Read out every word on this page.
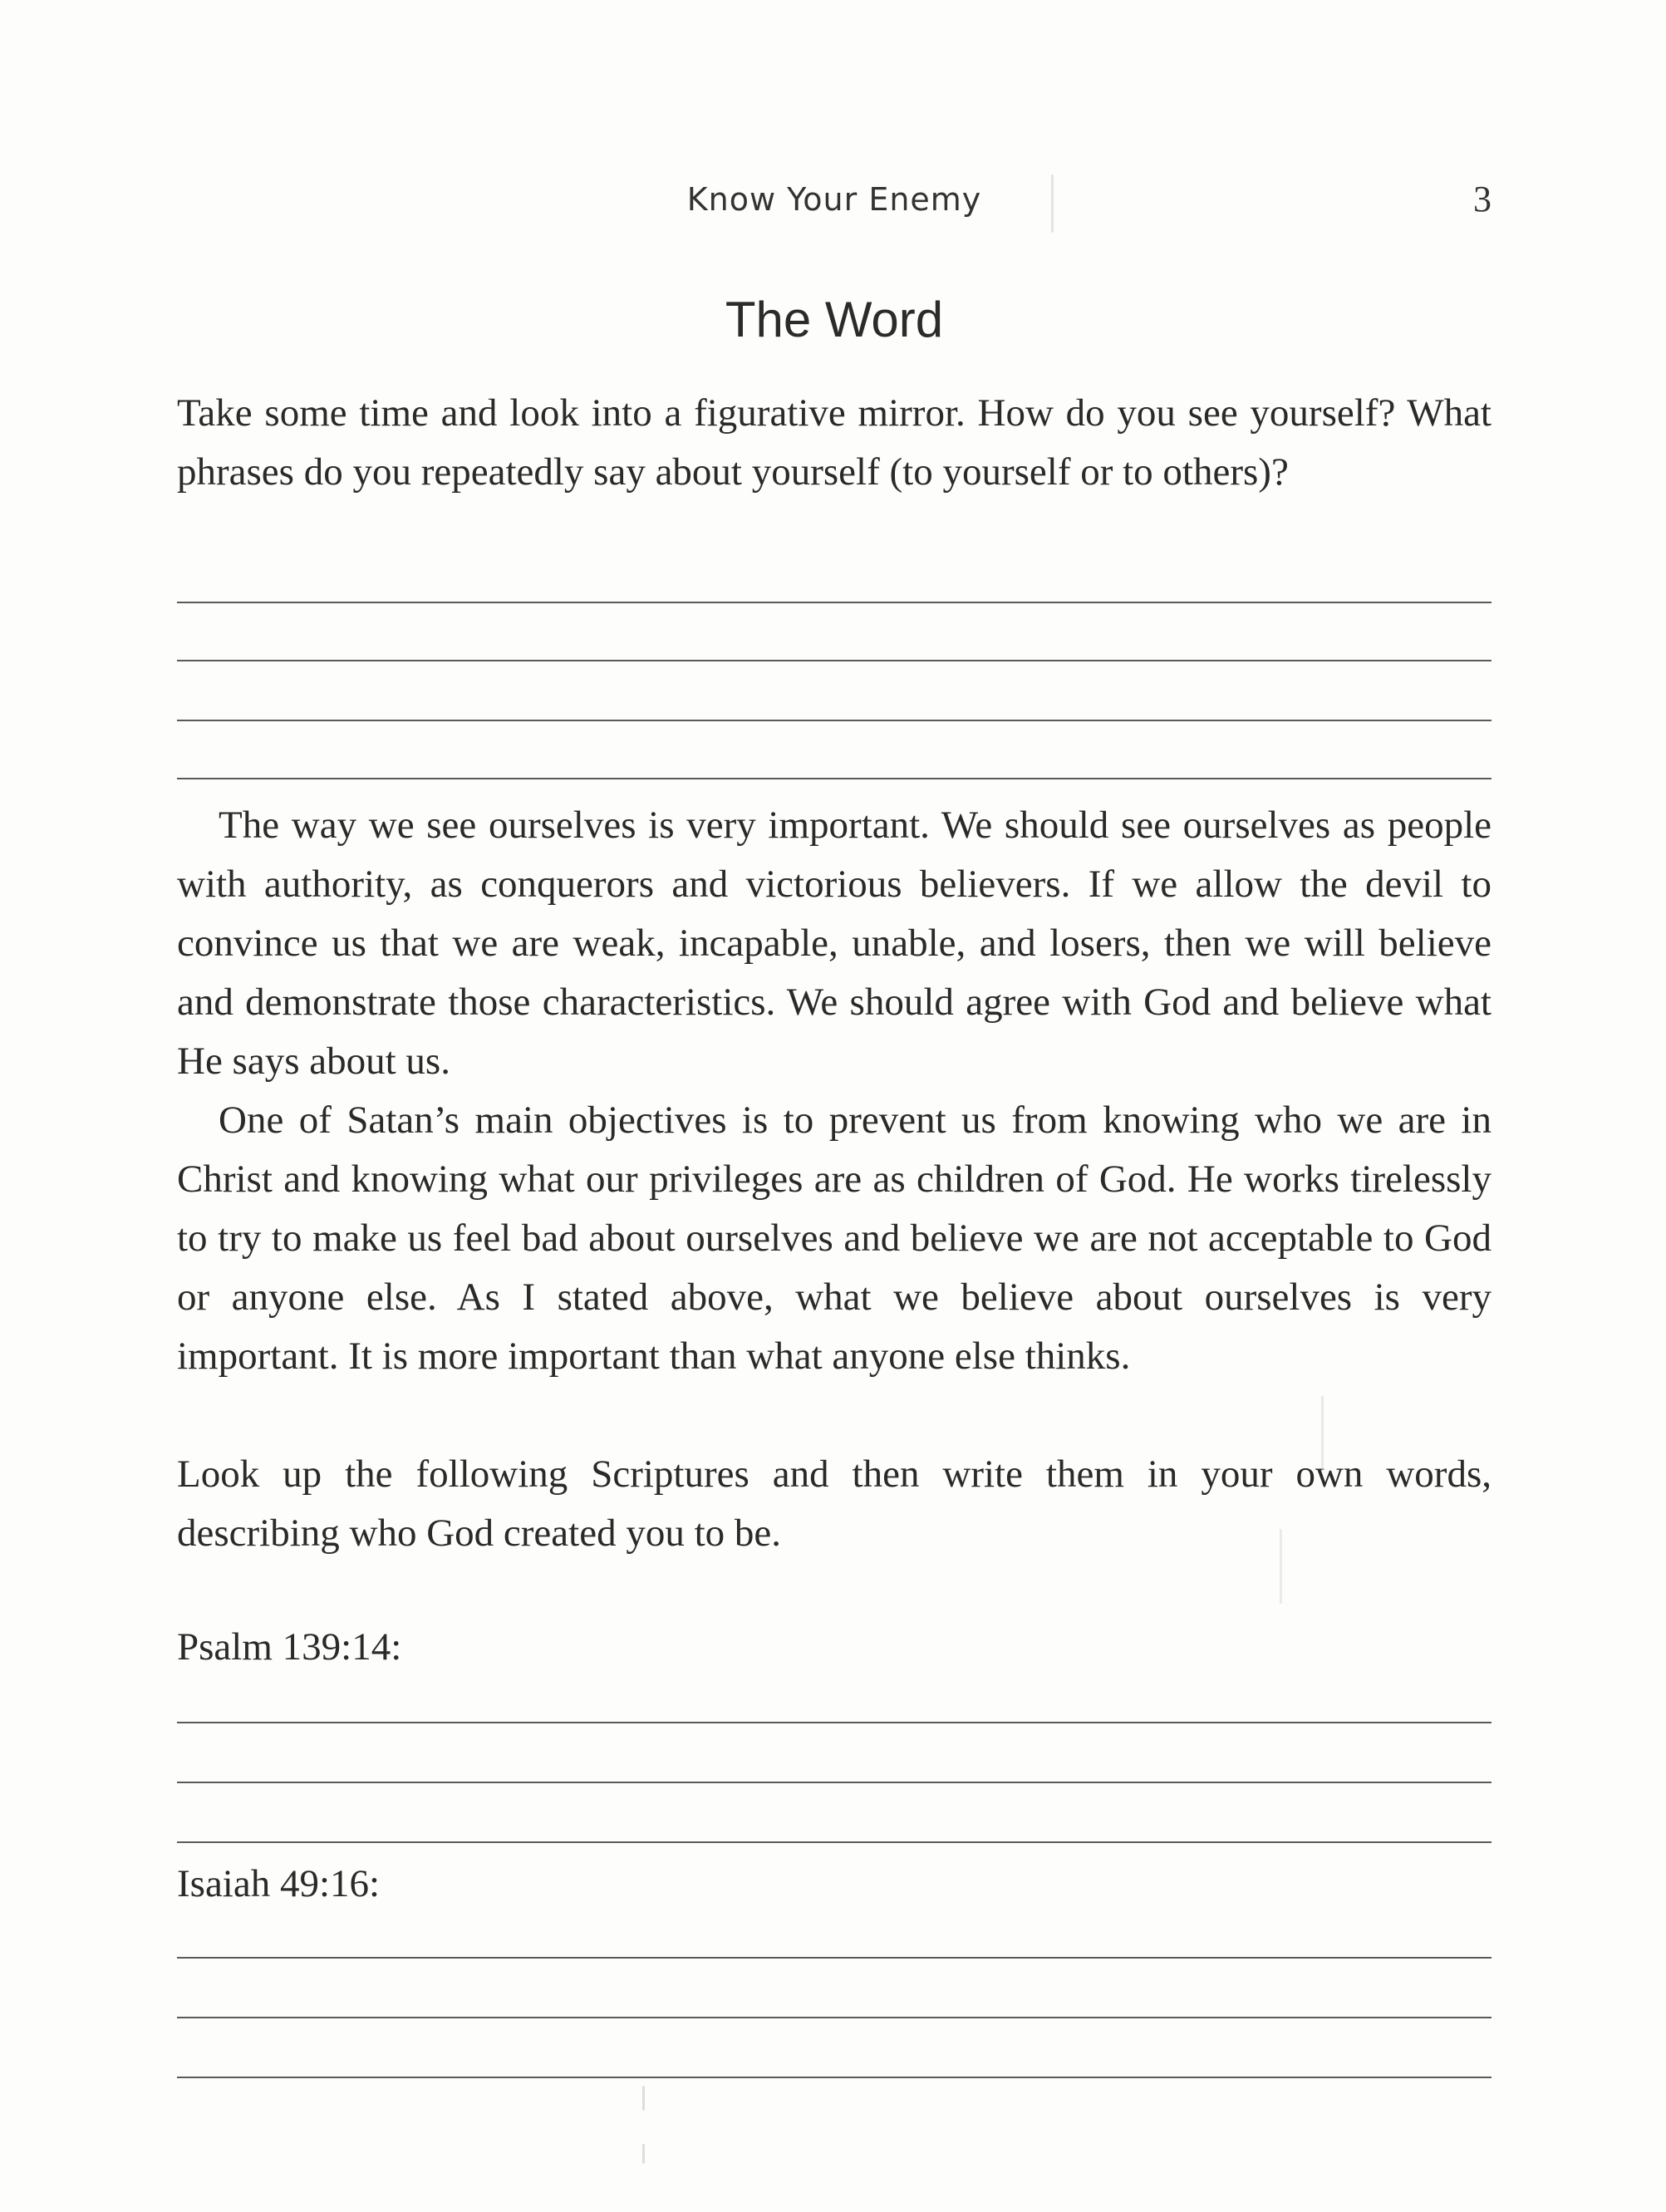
Know Your Enemy	3
The Word

Take some time and look into a figurative mirror. How do you see yourself? What phrases do you repeatedly say about yourself (to yourself or to others)?

The way we see ourselves is very important. We should see ourselves as people with authority, as conquerors and victorious believers. If we allow the devil to convince us that we are weak, incapable, unable, and losers, then we will believe and demonstrate those characteristics. We should agree with God and believe what He says about us.

One of Satan’s main objectives is to prevent us from knowing who we are in Christ and knowing what our privileges are as children of God. He works tirelessly to try to make us feel bad about ourselves and believe we are not acceptable to God or anyone else. As I stated above, what we believe about ourselves is very important. It is more important than what anyone else thinks.

Look up the following Scriptures and then write them in your own words, describing who God created you to be.

Psalm 139:14:
Isaiah 49:16:
